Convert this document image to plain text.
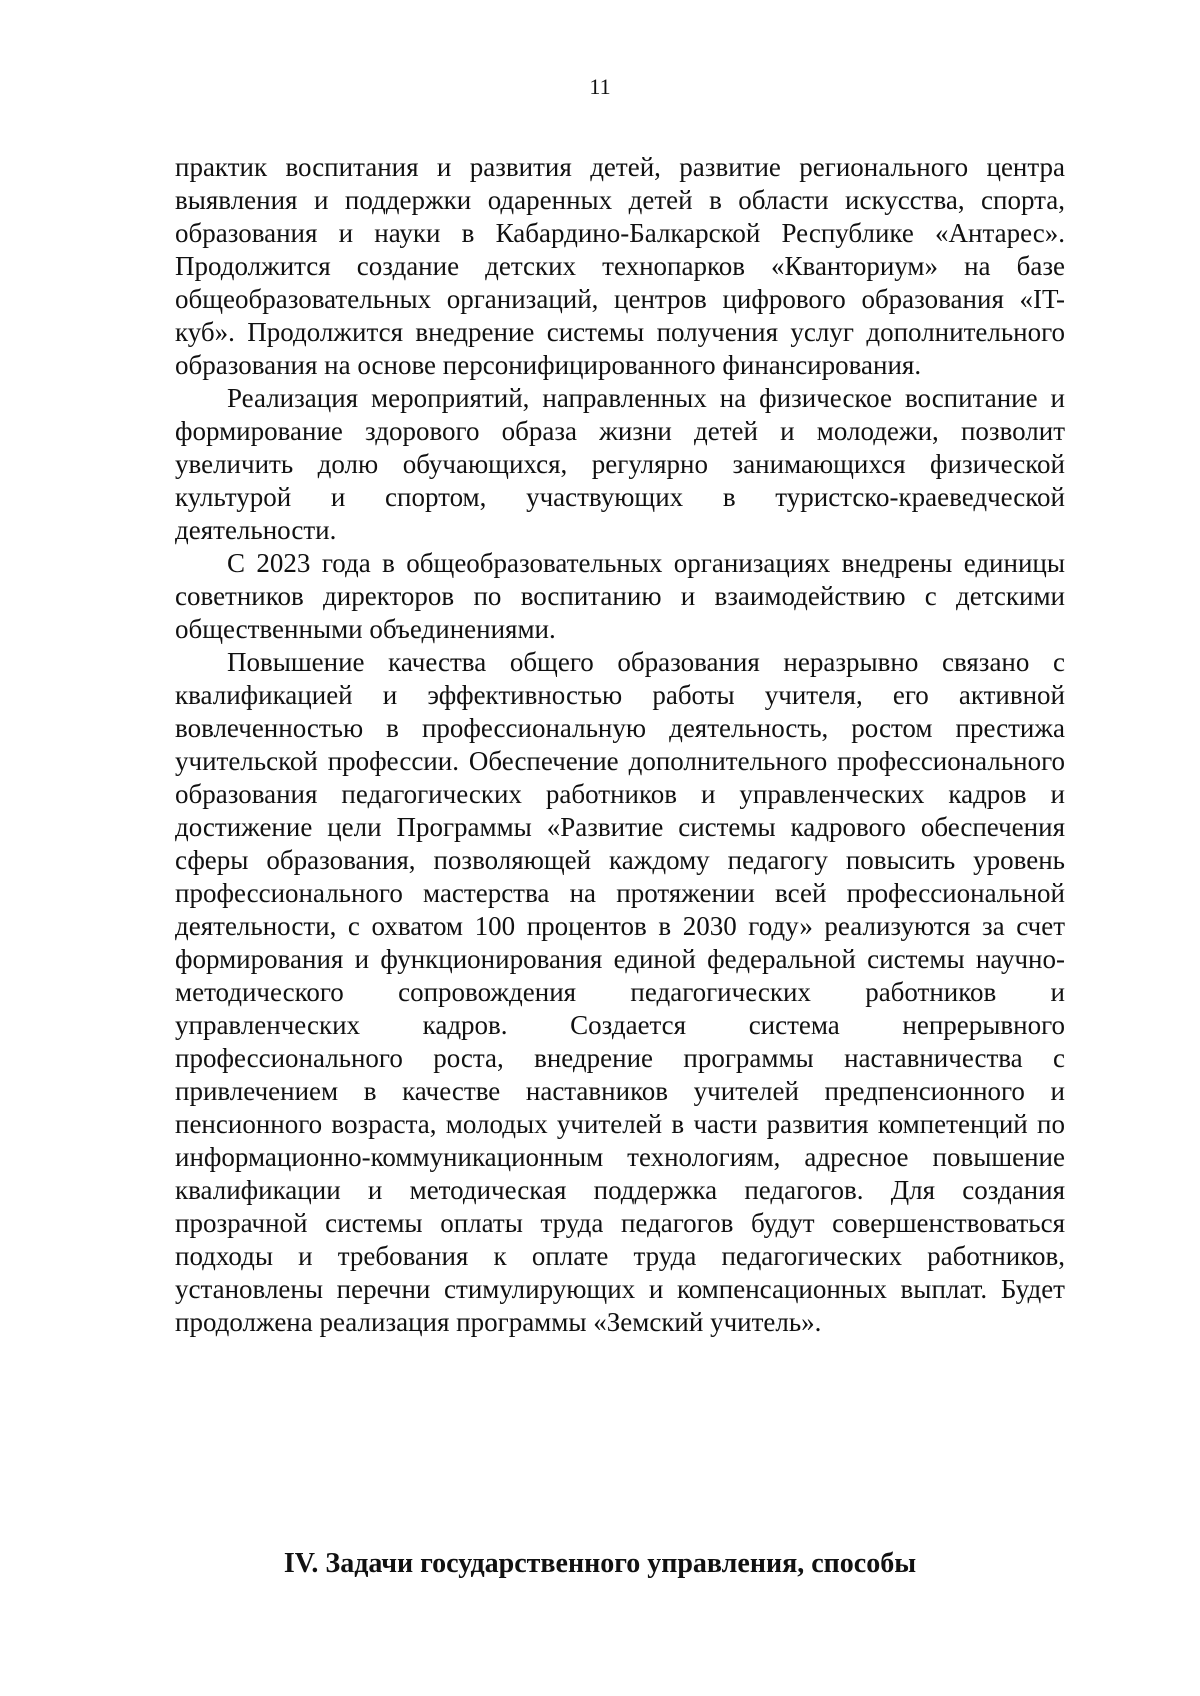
11

практик воспитания и развития детей, развитие регионального центра выявления и поддержки одаренных детей в области искусства, спорта, образования и науки в Кабардино-Балкарской Республике «Антарес». Продолжится создание детских технопарков «Кванториум» на базе общеобразовательных организаций, центров цифрового образования «IT-куб». Продолжится внедрение системы получения услуг дополнительного образования на основе персонифицированного финансирования.

Реализация мероприятий, направленных на физическое воспитание и формирование здорового образа жизни детей и молодежи, позволит увеличить долю обучающихся, регулярно занимающихся физической культурой и спортом, участвующих в туристско-краеведческой деятельности.

С 2023 года в общеобразовательных организациях внедрены единицы советников директоров по воспитанию и взаимодействию с детскими общественными объединениями.

Повышение качества общего образования неразрывно связано с квалификацией и эффективностью работы учителя, его активной вовлеченностью в профессиональную деятельность, ростом престижа учительской профессии. Обеспечение дополнительного профессионального образования педагогических работников и управленческих кадров и достижение цели Программы «Развитие системы кадрового обеспечения сферы образования, позволяющей каждому педагогу повысить уровень профессионального мастерства на протяжении всей профессиональной деятельности, с охватом 100 процентов в 2030 году» реализуются за счет формирования и функционирования единой федеральной системы научно-методического сопровождения педагогических работников и управленческих кадров. Создается система непрерывного профессионального роста, внедрение программы наставничества с привлечением в качестве наставников учителей предпенсионного и пенсионного возраста, молодых учителей в части развития компетенций по информационно-коммуникационным технологиям, адресное повышение квалификации и методическая поддержка педагогов. Для создания прозрачной системы оплаты труда педагогов будут совершенствоваться подходы и требования к оплате труда педагогических работников, установлены перечни стимулирующих и компенсационных выплат. Будет продолжена реализация программы «Земский учитель».

IV. Задачи государственного управления, способы
